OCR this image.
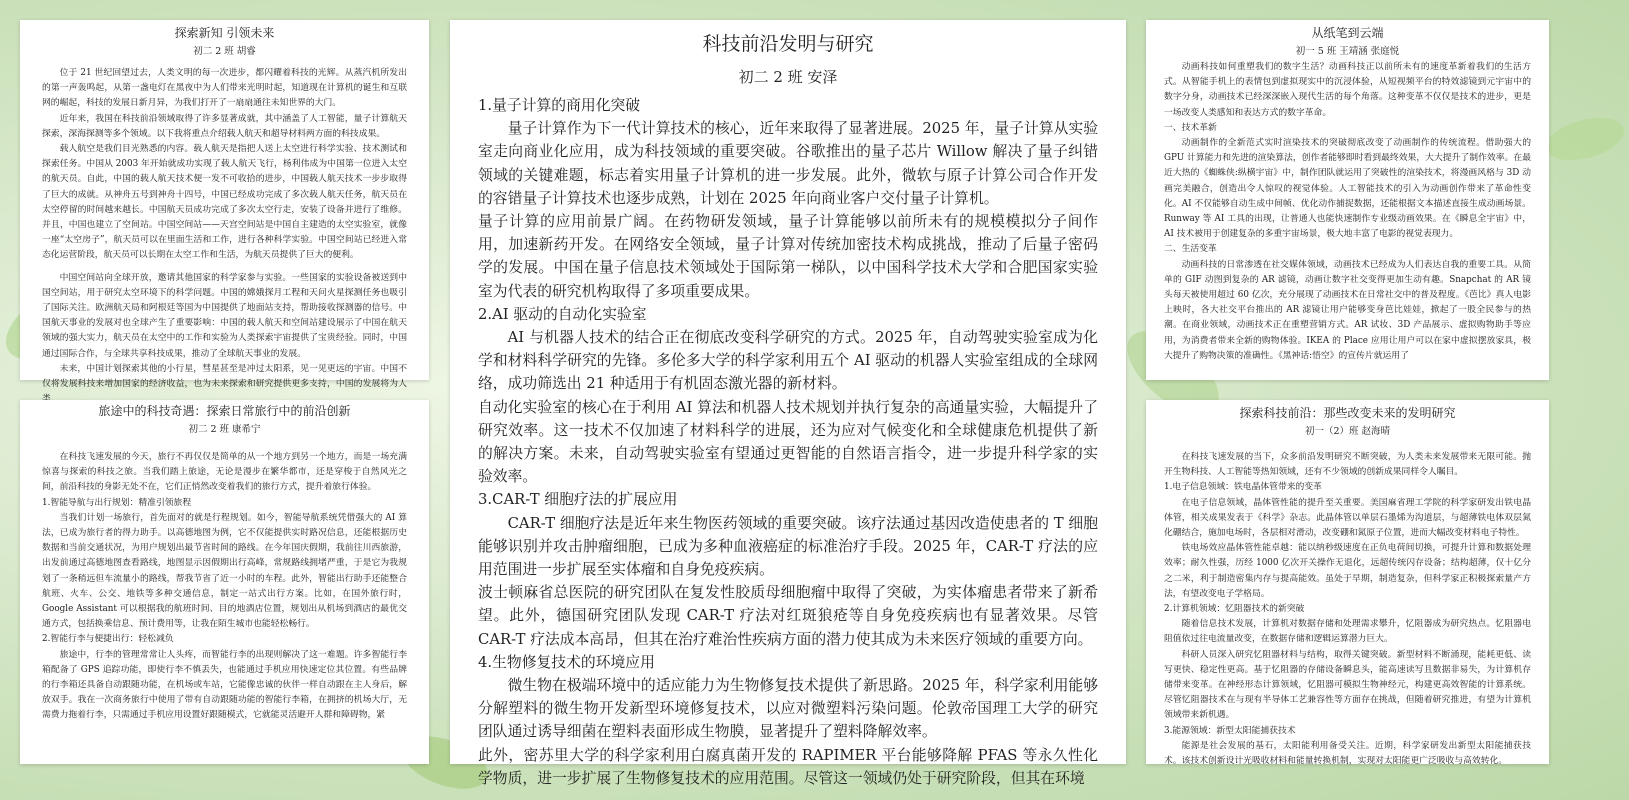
探索新知 引领未来
初二 2 班 胡睿

位于 21 世纪回望过去，人类文明的每一次进步，都闪耀着科技的光辉。从蒸汽机所发出的第一声轰鸣起，从第一盏电灯在黑夜中为人们带来光明时起，知道现在计算机的诞生和互联网的崛起，科技的发展日新月异，为我们打开了一扇扇通往未知世界的大门。

近年来，我国在科技前沿领域取得了许多显著成就，其中涵盖了人工智能，量子计算航天探索，深海探测等多个领域。以下我将重点介绍载人航天和超导材料两方面的科技成果。

载人航空是我们目光熟悉的内容。载人航天是指把人送上太空进行科学实验、技术测试和探索任务。中国从 2003 年开始就成功实现了载人航天飞行，杨利伟成为中国第一位进入太空的航天员。自此，中国的载人航天技术便一发不可收拾的进步，中国载人航天技术一步步取得了巨大的成就。从神舟五号到神舟十四号，中国已经成功完成了多次载人航天任务，航天员在太空停留的时间越来越长。中国航天员成功完成了多次太空行走，安装了设备并进行了维修。并且，中国也建立了空间站。中国空间站——天宫空间站是中国自主建造的太空实验室，就像一座“太空房子”，航天员可以在里面生活和工作，进行各种科学实验。中国空间站已经进入常态化运营阶段，航天员可以长期在太空工作和生活，为航天员提供了巨大的便利。

中国空间站向全球开放，邀请其他国家的科学家参与实验。一些国家的实验设备被送到中国空间站，用于研究太空环境下的科学问题。中国的嫦娥探月工程和天问火星探测任务也吸引了国际关注。欧洲航天局和阿根廷等国为中国提供了地面站支持，帮助接收探测器的信号。中国航天事业的发展对也全球产生了重要影响：中国的载人航天和空间站建设展示了中国在航天领域的强大实力，航天员在太空中的工作和实验为人类探索宇宙提供了宝贵经验。同时，中国通过国际合作，与全球共享科技成果，推动了全球航天事业的发展。

未来，中国计划探索其他的小行星，彗星甚至是冲过太阳系，见一见更远的宇宙。中国不仅将发展科技来增加国家的经济收益，也为未来探索和研究提供更多支持，中国的发展将为人

旅途中的科技奇遇：探索日常旅行中的前沿创新
初二 2 班 康希宁

在科技飞速发展的今天，旅行不再仅仅是简单的从一个地方到另一个地方，而是一场充满惊喜与探索的科技之旅。当我们踏上旅途，无论是漫步在繁华都市，还是穿梭于自然风光之间，前沿科技的身影无处不在，它们正悄然改变着我们的旅行方式，提升着旅行体验。

1.智能导航与出行规划：精准引领旅程

当我们计划一场旅行，首先面对的就是行程规划。如今，智能导航系统凭借强大的 AI 算法，已成为旅行者的得力助手。以高德地图为例，它不仅能提供实时路况信息，还能根据历史数据和当前交通状况，为用户规划出最节省时间的路线。在今年国庆假期，我前往川西旅游，出发前通过高德地图查看路线，地图显示因假期出行高峰，常规路线拥堵严重，于是它为我规划了一条稍远但车流量小的路线，帮我节省了近一小时的车程。此外，智能出行助手还能整合航班、火车、公交、地铁等多种交通信息，制定一站式出行方案。比如，在国外旅行时，Google Assistant 可以根据我的航班时间、目的地酒店位置，规划出从机场到酒店的最优交通方式，包括换乘信息、预计费用等，让我在陌生城市也能轻松畅行。

2.智能行李与便捷出行：轻松减负

旅途中，行李的管理常常让人头疼，而智能行李的出现则解决了这一难题。许多智能行李箱配备了 GPS 追踪功能，即使行李不慎丢失，也能通过手机应用快速定位其位置。有些品牌的行李箱还具备自动跟随功能，在机场或车站，它能像忠诚的伙伴一样自动跟在主人身后，解放双手。我在一次商务旅行中使用了带有自动跟随功能的智能行李箱，在拥挤的机场大厅，无需费力拖着行李，只需通过手机应用设置好跟随模式，它就能灵活避开人群和障碍物，紧

科技前沿发明与研究
初二 2 班 安泽

1.量子计算的商用化突破

量子计算作为下一代计算技术的核心，近年来取得了显著进展。2025 年，量子计算从实验室走向商业化应用，成为科技领域的重要突破。谷歌推出的量子芯片 Willow 解决了量子纠错领域的关键难题，标志着实用量子计算机的进一步发展。此外，微软与原子计算公司合作开发的容错量子计算技术也逐步成熟，计划在 2025 年向商业客户交付量子计算机。

量子计算的应用前景广阔。在药物研发领域，量子计算能够以前所未有的规模模拟分子间作用，加速新药开发。在网络安全领域，量子计算对传统加密技术构成挑战，推动了后量子密码学的发展。中国在量子信息技术领域处于国际第一梯队，以中国科学技术大学和合肥国家实验室为代表的研究机构取得了多项重要成果。

2.AI 驱动的自动化实验室

AI 与机器人技术的结合正在彻底改变科学研究的方式。2025 年，自动驾驶实验室成为化学和材料科学研究的先锋。多伦多大学的科学家利用五个 AI 驱动的机器人实验室组成的全球网络，成功筛选出 21 种适用于有机固态激光器的新材料。

自动化实验室的核心在于利用 AI 算法和机器人技术规划并执行复杂的高通量实验，大幅提升了研究效率。这一技术不仅加速了材料科学的进展，还为应对气候变化和全球健康危机提供了新的解决方案。未来，自动驾驶实验室有望通过更智能的自然语言指令，进一步提升科学家的实验效率。

3.CAR-T 细胞疗法的扩展应用

CAR-T 细胞疗法是近年来生物医药领域的重要突破。该疗法通过基因改造使患者的 T 细胞能够识别并攻击肿瘤细胞，已成为多种血液癌症的标准治疗手段。2025 年，CAR-T 疗法的应用范围进一步扩展至实体瘤和自身免疫疾病。

波士顿麻省总医院的研究团队在复发性胶质母细胞瘤中取得了突破，为实体瘤患者带来了新希望。此外，德国研究团队发现 CAR-T 疗法对红斑狼疮等自身免疫疾病也有显著效果。尽管 CAR-T 疗法成本高昂，但其在治疗难治性疾病方面的潜力使其成为未来医疗领域的重要方向。

4.生物修复技术的环境应用

微生物在极端环境中的适应能力为生物修复技术提供了新思路。2025 年，科学家利用能够分解塑料的微生物开发新型环境修复技术，以应对微塑料污染问题。伦敦帝国理工大学的研究团队通过诱导细菌在塑料表面形成生物膜，显著提升了塑料降解效率。

此外，密苏里大学的科学家利用白腐真菌开发的 RAPIMER 平台能够降解 PFAS 等永久性化学物质，进一步扩展了生物修复技术的应用范围。尽管这一领域仍处于研究阶段，但其在环境

从纸笔到云端
初一 5 班 王靖涵 张庭悦

动画科技如何重塑我们的数字生活？动画科技正以前所未有的速度革新着我们的生活方式。从智能手机上的表情包到虚拟现实中的沉浸体验，从短视频平台的特效滤镜到元宇宙中的数字分身，动画技术已经深深嵌入现代生活的每个角落。这种变革不仅仅是技术的进步，更是一场改变人类感知和表达方式的数字革命。

一、技术革新

动画制作的全新范式实时渲染技术的突破彻底改变了动画制作的传统流程。借助强大的 GPU 计算能力和先进的渲染算法，创作者能够即时看到最终效果，大大提升了制作效率。在最近大热的《蜘蛛侠:纵横宇宙》中，制作团队就运用了突破性的渲染技术，将漫画风格与 3D 动画完美融合，创造出令人惊叹的视觉体验。人工智能技术的引入为动画创作带来了革命性变化。AI 不仅能够自动生成中间帧、优化动作捕捉数据，还能根据文本描述直接生成动画场景。Runway 等 AI 工具的出现，让普通人也能快速制作专业级动画效果。在《瞬息全宇宙》中，AI 技术被用于创建复杂的多重宇宙场景，极大地丰富了电影的视觉表现力。

二、生活变革

动画科技的日常渗透在社交媒体领域，动画技术已经成为人们表达自我的重要工具。从简单的 GIF 动图到复杂的 AR 滤镜，动画让数字社交变得更加生动有趣。Snapchat 的 AR 镜头每天被使用超过 60 亿次，充分展现了动画技术在日常社交中的普及程度。《芭比》真人电影上映时，各大社交平台推出的 AR 滤镜让用户能够变身芭比娃娃，掀起了一股全民参与的热潮。在商业领域，动画技术正在重塑营销方式。AR 试妆、3D 产品展示、虚拟购物助手等应用，为消费者带来全新的购物体验。IKEA 的 Place 应用让用户可以在家中虚拟摆放家具，极大提升了购物决策的准确性。《黑神话:悟空》的宣传片就运用了

探索科技前沿：那些改变未来的发明研究
初一（2）班 赵海晴

在科技飞速发展的当下，众多前沿发明研究不断突破，为人类未来发展带来无限可能。抛开生物科技、人工智能等热知领域，还有不少领域的创新成果同样令人瞩目。

1.电子信息领域：铁电晶体管带来的变革

在电子信息领域，晶体管性能的提升至关重要。美国麻省理工学院的科学家研发出铁电晶体管，相关成果发表于《科学》杂志。此晶体管以单层石墨烯为沟道层，与超薄铁电体双层氮化硼结合，施加电场时，各层相对滑动，改变硼和氮原子位置，进而大幅改变材料电子特性。

铁电场效应晶体管性能卓越：能以纳秒级速度在正负电荷间切换，可提升计算和数据处理效率；耐久性强，历经 1000 亿次开关操作无退化，远超传统闪存设备；结构超薄，仅十亿分之二米，利于制造密集内存与提高能效。虽处于早期，制造复杂，但科学家正积极探索量产方法，有望改变电子学格局。

2.计算机领域：忆阻器技术的新突破

随着信息技术发展，计算机对数据存储和处理需求攀升，忆阻器成为研究热点。忆阻器电阻值依过往电流量改变，在数据存储和逻辑运算潜力巨大。

科研人员深入研究忆阻器材料与结构，取得关键突破。新型材料不断涌现，能耗更低、读写更快、稳定性更高。基于忆阻器的存储设备瞬息头，能高速读写且数据非易失，为计算机存储带来变革。在神经形态计算领域，忆阻器可模拟生物神经元，构建更高效智能的计算系统。尽管忆阻器技术在与现有半导体工艺兼容性等方面存在挑战，但随着研究推进，有望为计算机领域带来新机遇。

3.能源领域：新型太阳能捕获技术

能源是社会发展的基石，太阳能利用备受关注。近期，科学家研发出新型太阳能捕获技术。该技术创新设计光吸收材料和能量转换机制，实现对太阳能更广泛吸收与高效转化。
